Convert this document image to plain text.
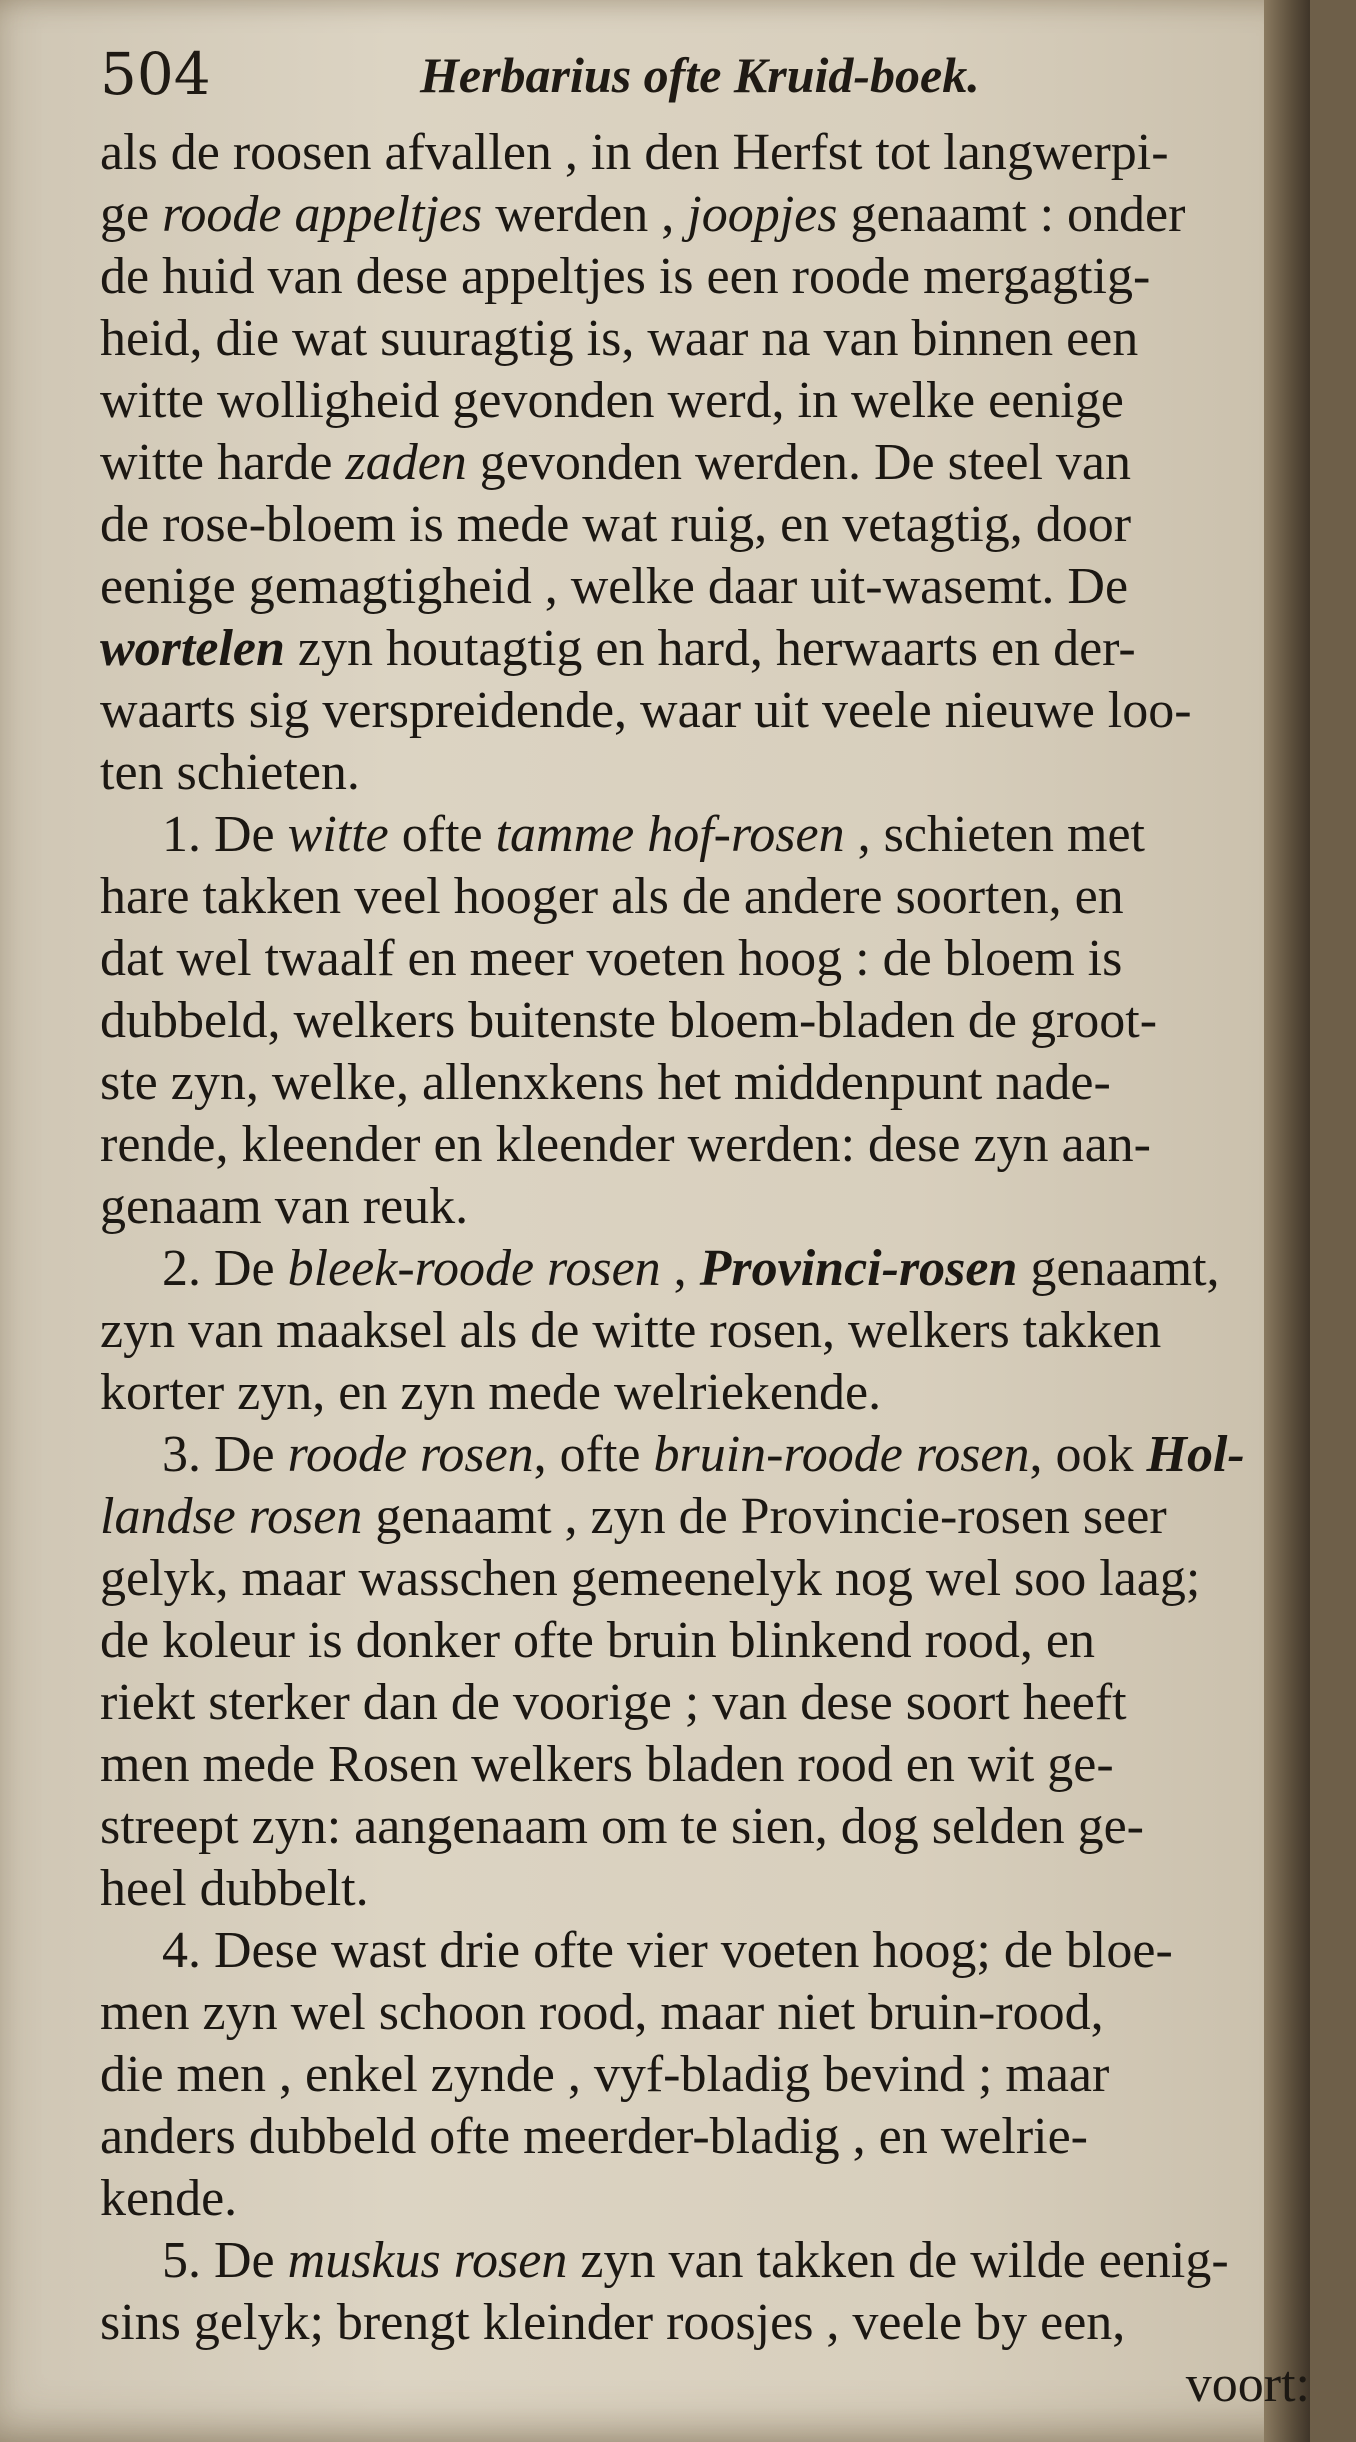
504	Herbarius ofte Kruid-boek.
als de roosen afvallen , in den Herfst tot langwerpi-
ge roode appeltjes werden , joopjes genaamt : onder
de huid van dese appeltjes is een roode mergagtig-
heid, die wat suuragtig is, waar na van binnen een
witte wolligheid gevonden werd, in welke eenige
witte harde zaden gevonden werden. De steel van
de rose-bloem is mede wat ruig, en vetagtig, door
eenige gemagtigheid , welke daar uit-wasemt. De
wortelen zyn houtagtig en hard, herwaarts en der-
waarts sig verspreidende, waar uit veele nieuwe loo-
ten schieten.
1. De witte ofte tamme hof-rosen , schieten met
hare takken veel hooger als de andere soorten, en
dat wel twaalf en meer voeten hoog : de bloem is
dubbeld, welkers buitenste bloem-bladen de groot-
ste zyn, welke, allenxkens het middenpunt nade-
rende, kleender en kleender werden: dese zyn aan-
genaam van reuk.
2. De bleek-roode rosen , Provinci-rosen genaamt,
zyn van maaksel als de witte rosen, welkers takken
korter zyn, en zyn mede welriekende.
3. De roode rosen, ofte bruin-roode rosen, ook Hol-
landse rosen genaamt , zyn de Provincie-rosen seer
gelyk, maar wasschen gemeenelyk nog wel soo laag;
de koleur is donker ofte bruin blinkend rood, en
riekt sterker dan de voorige ; van dese soort heeft
men mede Rosen welkers bladen rood en wit ge-
streept zyn: aangenaam om te sien, dog selden ge-
heel dubbelt.
4. Dese wast drie ofte vier voeten hoog; de bloe-
men zyn wel schoon rood, maar niet bruin-rood,
die men , enkel zynde , vyf-bladig bevind ; maar
anders dubbeld ofte meerder-bladig , en welrie-
kende.
5. De muskus rosen zyn van takken de wilde eenig-
sins gelyk; brengt kleinder roosjes , veele by een,
voort:
